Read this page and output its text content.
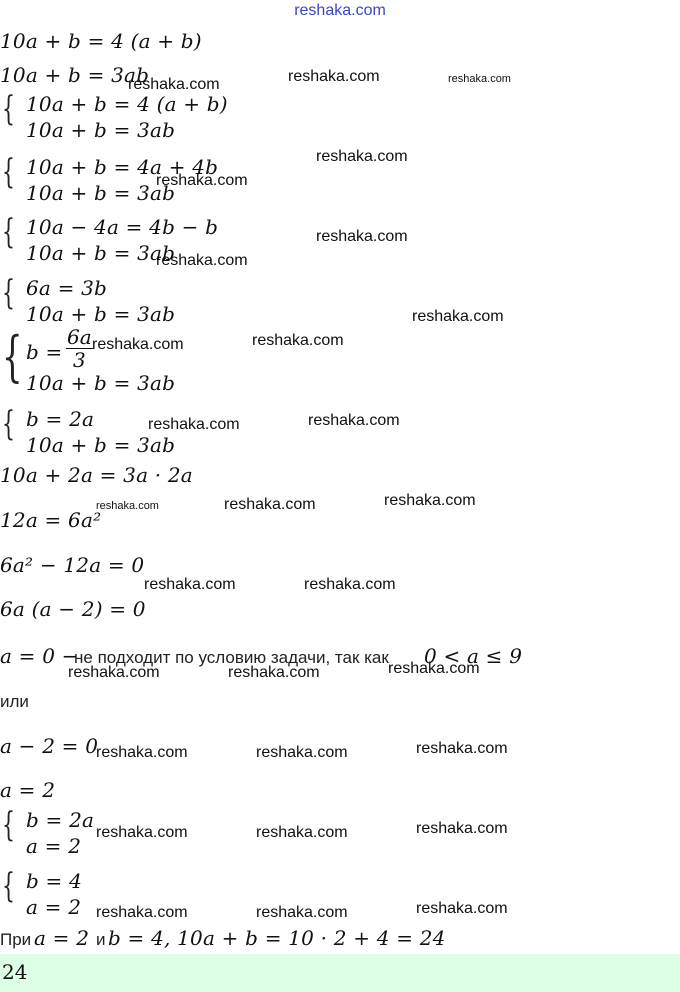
reshaka.com
10a + b = 4 (a + b)
10a + b = 3ab
{ 10a + b = 4 (a + b)
10a + b = 3ab
{ 10a + b = 4a + 4b
10a + b = 3ab
{ 10a − 4a = 4b − b
10a + b = 3ab
{ 6a = 3b
10a + b = 3ab
{ $b = \frac{6a}{3}$
10a + b = 3ab
{ b = 2a
10a + b = 3ab
10a + 2a = 3a · 2a
12a = 6a²
6a² − 12a = 0
6a (a − 2) = 0
a = 0 −
не подходит по условию задачи, так как 0 < a ≤ 9
или
a − 2 = 0
a = 2
{ b = 2a
a = 2
{ b = 4
a = 2
При a = 2 и b = 4, 10a + b = 10 · 2 + 4 = 24
24
reshaka.com	reshaka.com	reshaka.com
reshaka.com
reshaka.com
reshaka.com
reshaka.com
reshaka.com
reshaka.com	reshaka.com
reshaka.com	reshaka.com
reshaka.com	reshaka.com	reshaka.com
reshaka.com	reshaka.com
reshaka.com	reshaka.com	reshaka.com
reshaka.com	reshaka.com	reshaka.com
reshaka.com	reshaka.com	reshaka.com
reshaka.com	reshaka.com	reshaka.com
